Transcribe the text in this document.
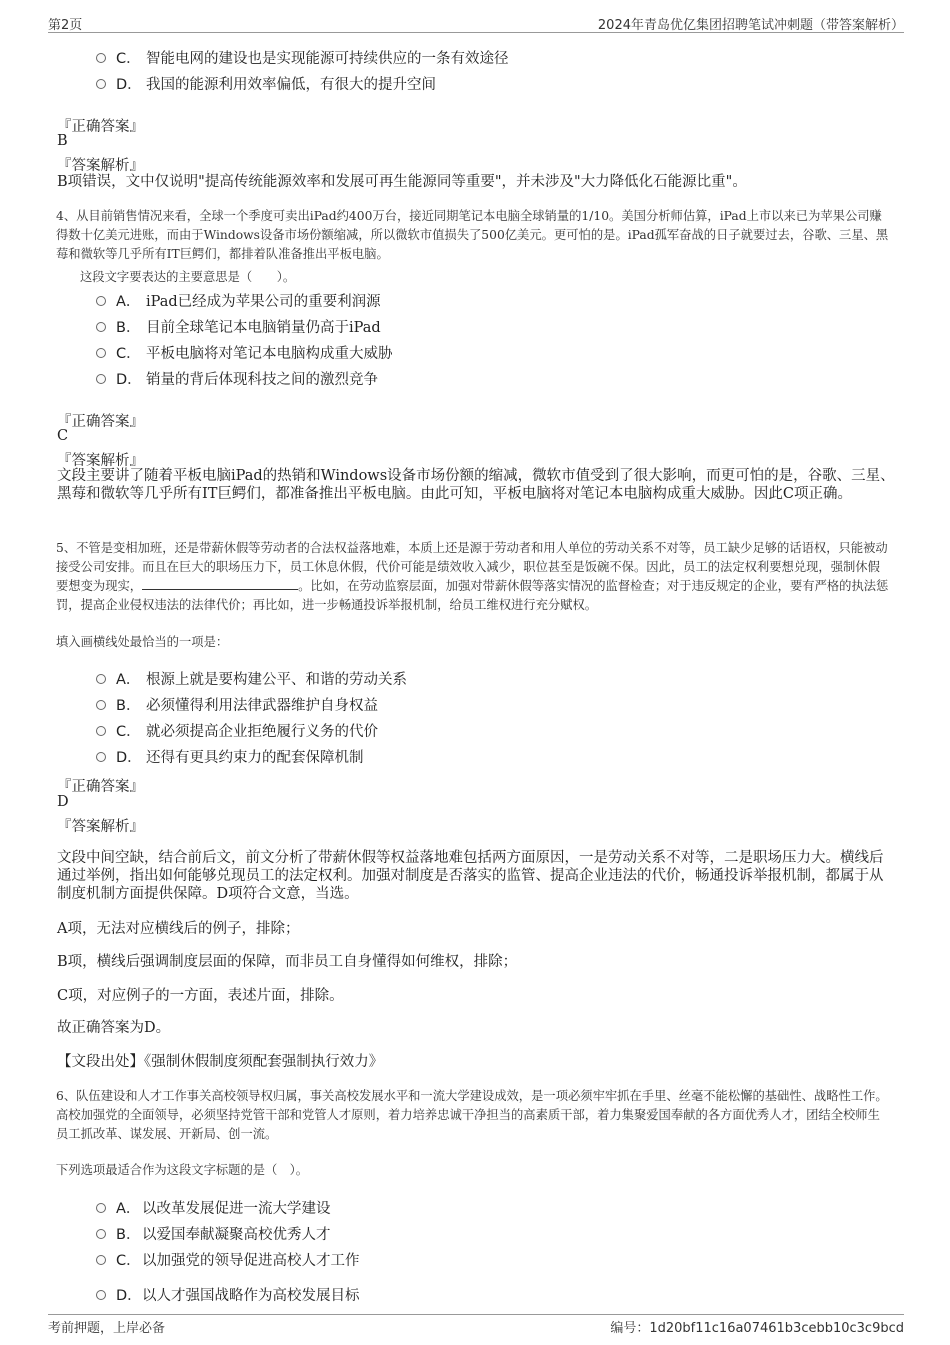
第2页	2024年青岛优亿集团招聘笔试冲刺题（带答案解析）
C． 智能电网的建设也是实现能源可持续供应的一条有效途径
D． 我国的能源利用效率偏低，有很大的提升空间
『正确答案』
B
『答案解析』
B项错误，文中仅说明"提高传统能源效率和发展可再生能源同等重要"，并未涉及"大力降低化石能源比重"。
4、从目前销售情况来看，全球一个季度可卖出iPad约400万台，接近同期笔记本电脑全球销量的1/10。美国分析师估算，iPad上市以来已为苹果公司赚得数十亿美元进账，而由于Windows设备市场份额缩减，所以微软市值损失了500亿美元。更可怕的是。iPad孤军奋战的日子就要过去，谷歌、三星、黑莓和微软等几乎所有IT巨鳄们，都排着队准备推出平板电脑。
这段文字要表达的主要意思是（　　）。
A． iPad已经成为苹果公司的重要利润源
B． 目前全球笔记本电脑销量仍高于iPad
C． 平板电脑将对笔记本电脑构成重大威胁
D． 销量的背后体现科技之间的激烈竞争
『正确答案』
C
『答案解析』
文段主要讲了随着平板电脑iPad的热销和Windows设备市场份额的缩减，微软市值受到了很大影响，而更可怕的是，谷歌、三星、黑莓和微软等几乎所有IT巨鳄们，都准备推出平板电脑。由此可知，平板电脑将对笔记本电脑构成重大威胁。因此C项正确。
5、不管是变相加班，还是带薪休假等劳动者的合法权益落地难，本质上还是源于劳动者和用人单位的劳动关系不对等，员工缺少足够的话语权，只能被动接受公司安排。而且在巨大的职场压力下，员工休息休假，代价可能是绩效收入减少，职位甚至是饭碗不保。因此，员工的法定权利要想兑现，强制休假要想变为现实，	。比如，在劳动监察层面，加强对带薪休假等落实情况的监督检查；对于违反规定的企业，要有严格的执法惩罚，提高企业侵权违法的法律代价；再比如，进一步畅通投诉举报机制，给员工维权进行充分赋权。
填入画横线处最恰当的一项是：
A． 根源上就是要构建公平、和谐的劳动关系
B． 必须懂得利用法律武器维护自身权益
C． 就必须提高企业拒绝履行义务的代价
D． 还得有更具约束力的配套保障机制
『正确答案』
D
『答案解析』
文段中间空缺，结合前后文，前文分析了带薪休假等权益落地难包括两方面原因，一是劳动关系不对等，二是职场压力大。横线后通过举例，指出如何能够兑现员工的法定权利。加强对制度是否落实的监管、提高企业违法的代价，畅通投诉举报机制，都属于从制度机制方面提供保障。D项符合文意，当选。
A项，无法对应横线后的例子，排除；
B项，横线后强调制度层面的保障，而非员工自身懂得如何维权，排除；
C项，对应例子的一方面，表述片面，排除。
故正确答案为D。
【文段出处】《强制休假制度须配套强制执行效力》
6、队伍建设和人才工作事关高校领导权归属，事关高校发展水平和一流大学建设成效，是一项必须牢牢抓在手里、丝毫不能松懈的基础性、战略性工作。高校加强党的全面领导，必须坚持党管干部和党管人才原则，着力培养忠诚干净担当的高素质干部，着力集聚爱国奉献的各方面优秀人才，团结全校师生员工抓改革、谋发展、开新局、创一流。
下列选项最适合作为这段文字标题的是（　）。
A． 以改革发展促进一流大学建设
B． 以爱国奉献凝聚高校优秀人才
C．以加强党的领导促进高校人才工作
D．以人才强国战略作为高校发展目标
考前押题，上岸必备	编号：1d20bf11c16a07461b3cebb10c3c9bcd
